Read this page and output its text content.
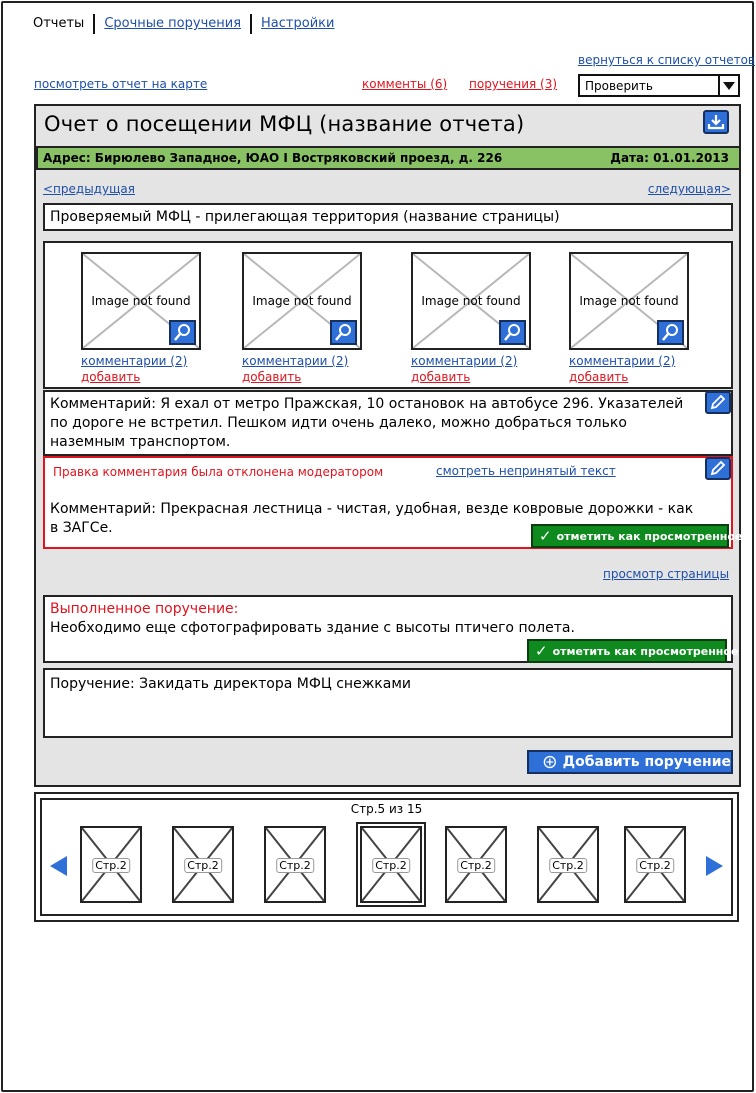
Отчеты	Срочные поручения	Настройки
вернуться к списку отчетов
посмотреть отчет на карте	комменты (6) поручения (3) Проверить
Очет о посещении МФЦ (название отчета)
Адрес: Бирюлево Западное, ЮАО I Востряковский проезд, д. 226	Дата: 01.01.2013
<предыдущая	следующая>
Проверяемый МФЦ - прилегающая территория (название страницы)
Image not found
комментарии (2)
добавить
Image not found
комментарии (2)
добавить
Image not found
комментарии (2)
добавить
Image not found
комментарии (2)
добавить
Комментарий: Я ехал от метро Пражская, 10 остановок на автобусе 296. Указателей по дороге не встретил. Пешком идти очень далеко, можно добраться только наземным транспортом.
Правка комментария была отклонена модератором	смотреть непринятый текст
Комментарий: Прекрасная лестница - чистая, удобная, везде ковровые дорожки - как в ЗАГСе.	✓ отметить как просмотренное
просмотр страницы
Выполненное поручение:
Необходимо еще сфотографировать здание с высоты птичего полета.
✓ отметить как просмотренное
Поручение: Закидать директора МФЦ снежками
Добавить поручение
Стр.5 из 15
Стр.2	Стр.2	Стр.2	Стр.2	Стр.2	Стр.2	Стр.2
